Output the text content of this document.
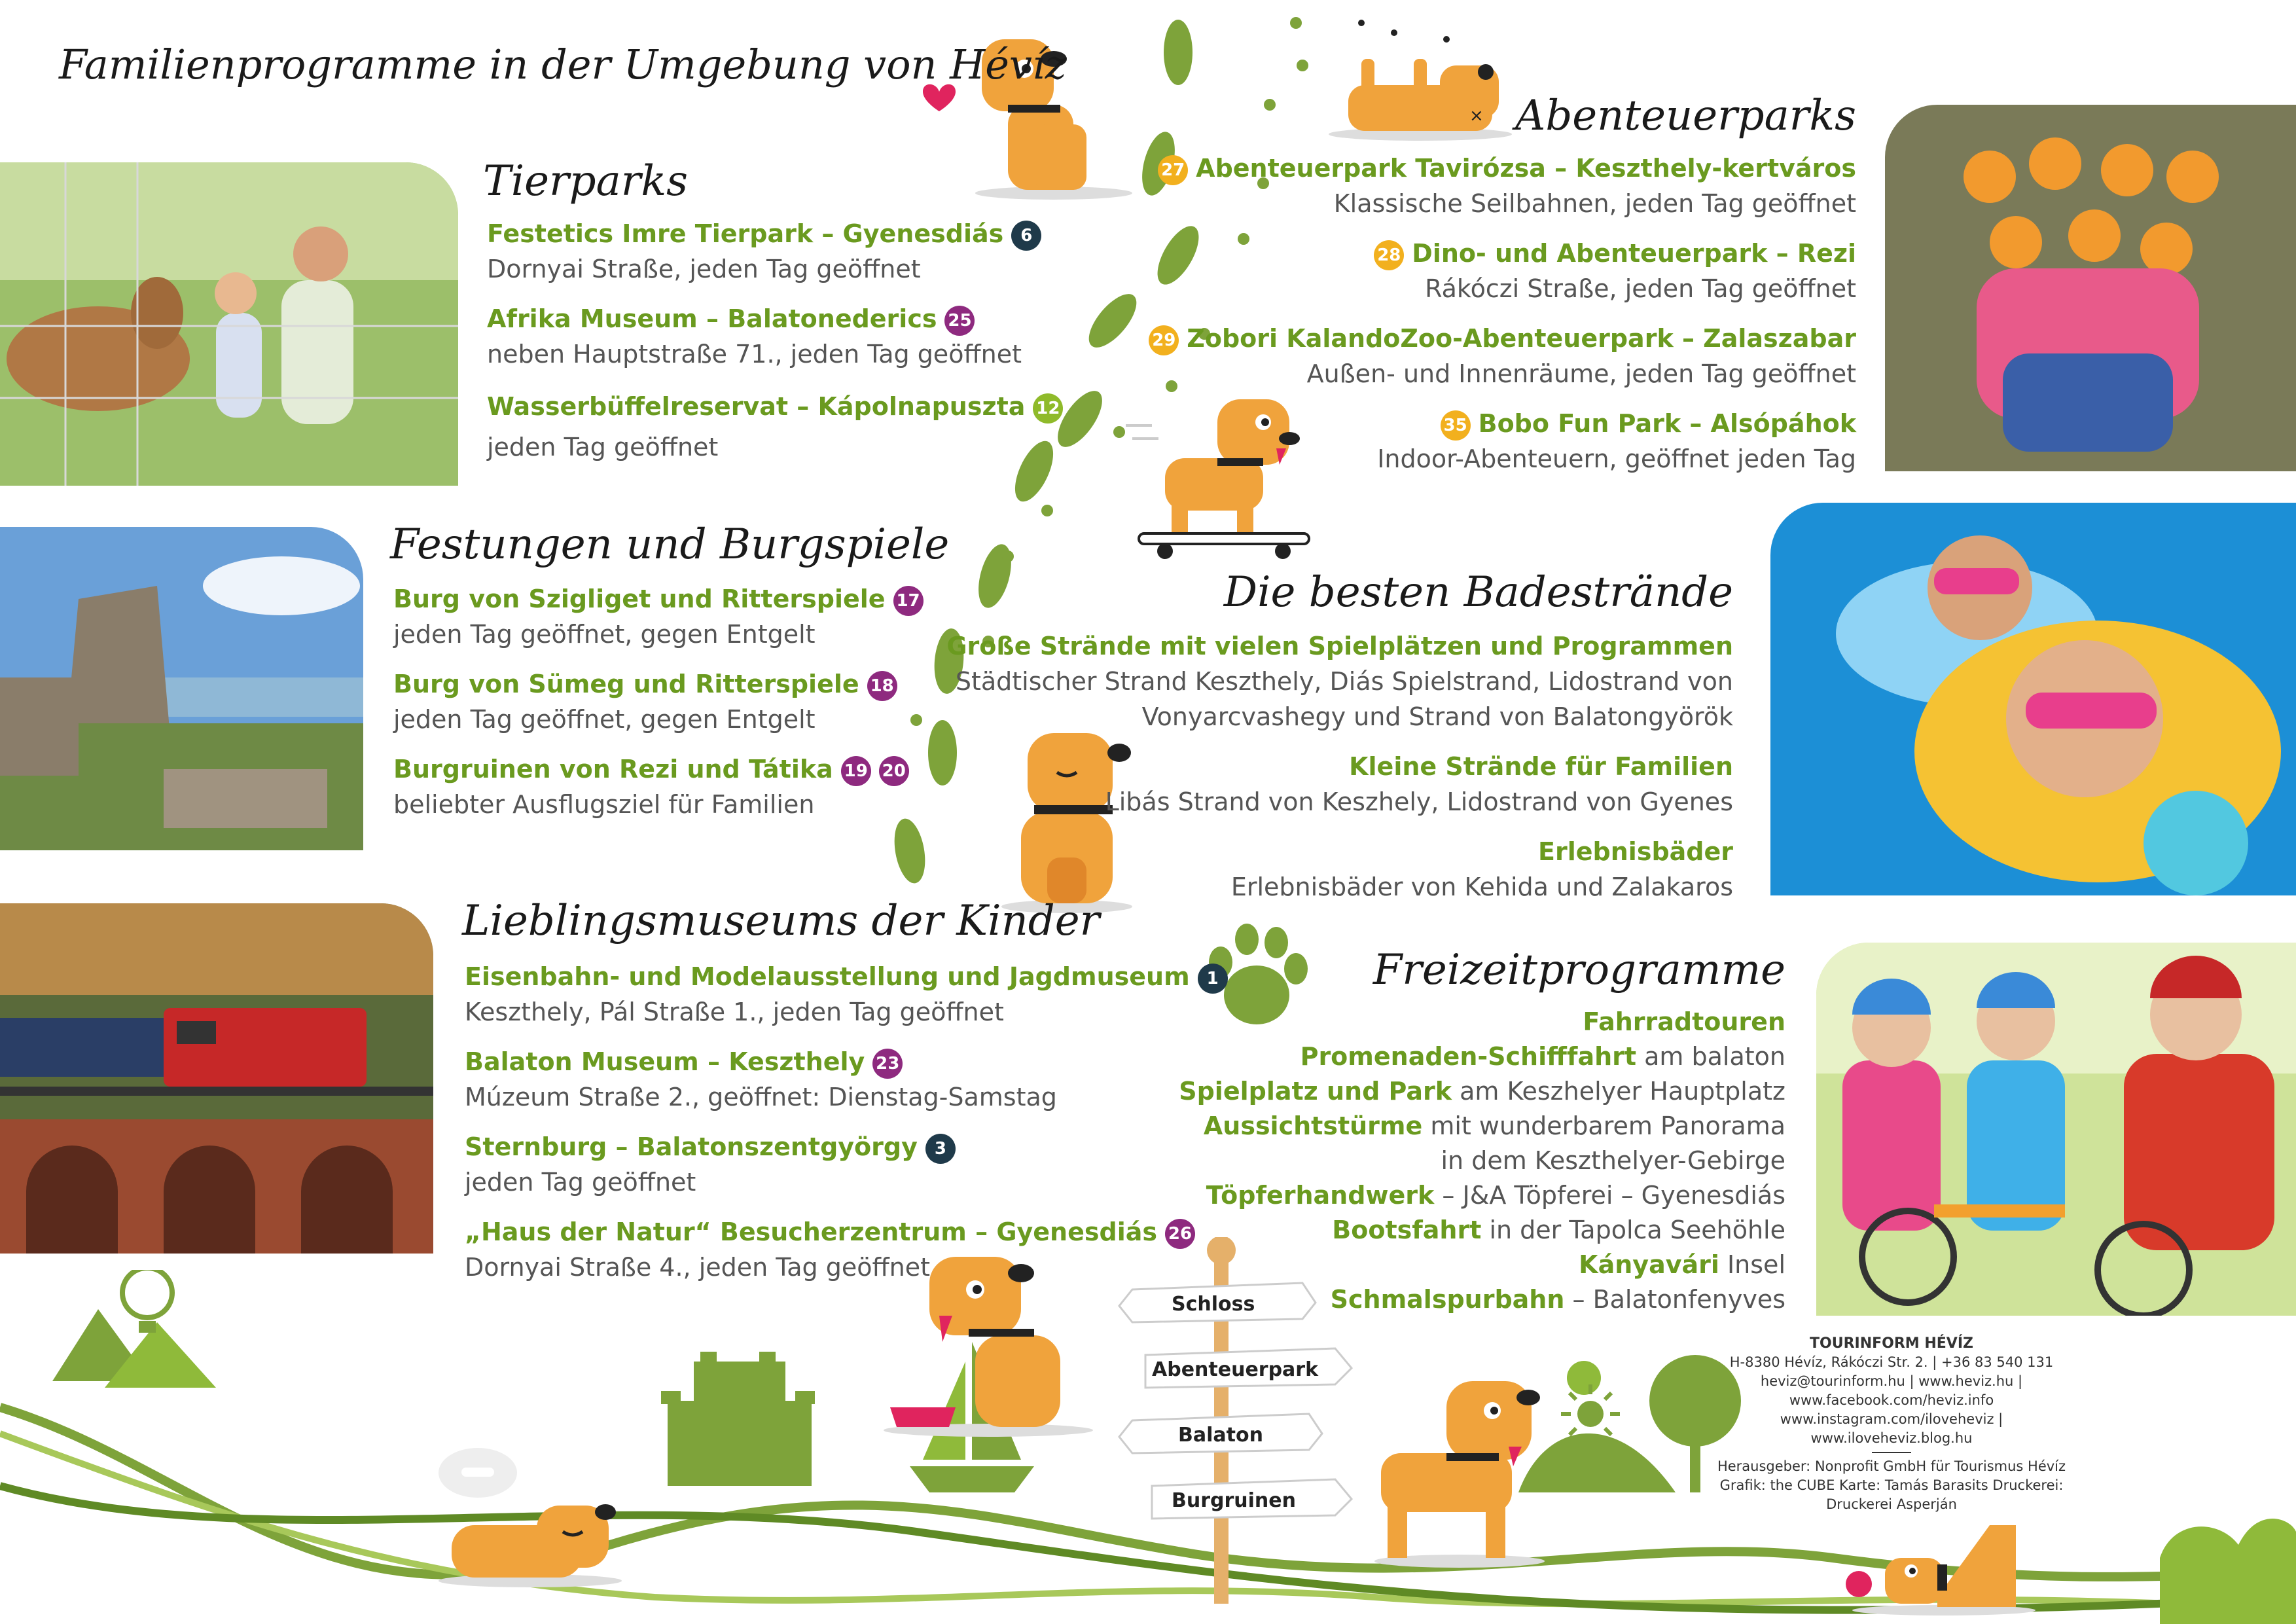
×
Schloss
Abenteuerpark
Balaton
Burgruinen
Familienprogramme in der Umgebung von Hévíz
Tierparks
Festetics Imre Tierpark – Gyenesdiás 6
Dornyai Straße, jeden Tag geöffnet
Afrika Museum – Balatonederics 25
neben Hauptstraße 71., jeden Tag geöffnet
Wasserbüffelreservat – Kápolnapuszta 12
jeden Tag geöffnet
Festungen und Burgspiele
Burg von Szigliget und Ritterspiele 17
jeden Tag geöffnet, gegen Entgelt
Burg von Sümeg und Ritterspiele 18
jeden Tag geöffnet, gegen Entgelt
Burgruinen von Rezi und Tátika 19 20
beliebter Ausflugsziel für Familien
Lieblingsmuseums der Kinder
Eisenbahn- und Modelausstellung und Jagdmuseum 1
Keszthely, Pál Straße 1., jeden Tag geöffnet
Balaton Museum – Keszthely 23
Múzeum Straße 2., geöffnet: Dienstag-Samstag
Sternburg – Balatonszentgyörgy 3
jeden Tag geöffnet
„Haus der Natur“ Besucherzentrum – Gyenesdiás 26
Dornyai Straße 4., jeden Tag geöffnet
Abenteuerparks
27 Abenteuerpark Tavirózsa – Keszthely-kertváros
Klassische Seilbahnen, jeden Tag geöffnet
28 Dino- und Abenteuerpark – Rezi
Rákóczi Straße, jeden Tag geöffnet
29 Zobori KalandoZoo-Abenteuerpark – Zalaszabar
Außen- und Innenräume, jeden Tag geöffnet
35 Bobo Fun Park – Alsópáhok
Indoor-Abenteuern, geöffnet jeden Tag
Die besten Badestrände
Große Strände mit vielen Spielplätzen und Programmen
Städtischer Strand Keszthely, Diás Spielstrand, Lidostrand von
Vonyarcvashegy und Strand von Balatongyörök
Kleine Strände für Familien
Libás Strand von Keszhely, Lidostrand von Gyenes
Erlebnisbäder
Erlebnisbäder von Kehida und Zalakaros
Freizeitprogramme
Fahrradtouren
Promenaden-Schifffahrt am balaton
Spielplatz und Park am Keszhelyer Hauptplatz
Aussichtstürme mit wunderbarem Panorama
in dem Keszthelyer-Gebirge
Töpferhandwerk – J&A Töpferei – Gyenesdiás
Bootsfahrt in der Tapolca Seehöhle
Kányavári Insel
Schmalspurbahn – Balatonfenyves
TOURINFORM HÉVÍZ
H-8380 Hévíz, Rákóczi Str. 2. | +36 83 540 131
heviz@tourinform.hu | www.heviz.hu | www.facebook.com/heviz.info
www.instagram.com/iloveheviz | www.iloveheviz.blog.hu
Herausgeber: Nonprofit GmbH für Tourismus Hévíz
Grafik: the CUBE Karte: Tamás Barasits Druckerei: Druckerei Asperján
